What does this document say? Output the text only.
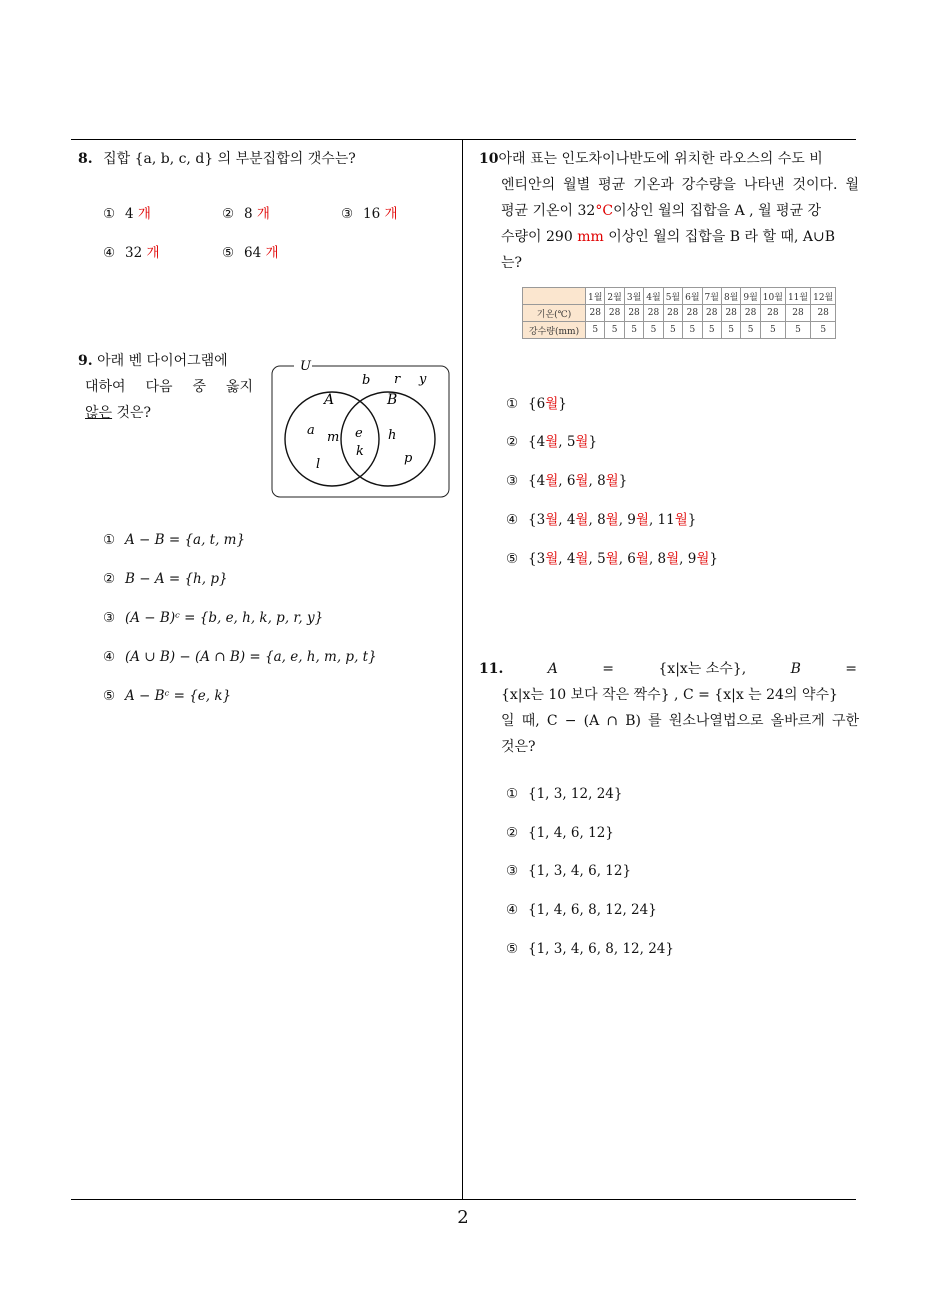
8. 집합 {a, b, c, d} 의 부분집합의 갯수는?
① 4 개	② 8 개	③ 16 개
④ 32 개	⑤ 64 개
9. 아래 벤 다이어그램에
대하여 다음 중 옳지
않은 것은?
U
A	B
b r y
a m
l
e
k
h
p
① A − B = {a, t, m}
② B − A = {h, p}
③ (A − B)ᶜ = {b, e, h, k, p, r, y}
④ (A ∪ B) − (A ∩ B) = {a, e, h, m, p, t}
⑤ A − Bᶜ = {e, k}
10아래 표는 인도차이나반도에 위치한 라오스의 수도 비
엔티안의 월별 평균 기온과 강수량을 나타낸 것이다. 월
평균 기온이 32°C이상인 월의 집합을 A , 월 평균 강
수량이 290 mm 이상인 월의 집합을 B 라 할 때, A∪B
는?
	1월	2월	3월	4월	5월	6월	7월	8월	9월	10월	11월	12월
기온(℃)	28	28	28	28	28	28	28	28	28	28	28	28
강수량(mm)	5	5	5	5	5	5	5	5	5	5	5	5
① {6월}
② {4월, 5월}
③ {4월, 6월, 8월}
④ {3월, 4월, 8월, 9월, 11월}
⑤ {3월, 4월, 5월, 6월, 8월, 9월}
11.	A	=	{x|x는 소수},	B	=
{x|x는 10 보다 작은 짝수} , C = {x|x 는 24의 약수}
일 때, C − (A ∩ B) 를 원소나열법으로 올바르게 구한
것은?
① {1, 3, 12, 24}
② {1, 4, 6, 12}
③ {1, 3, 4, 6, 12}
④ {1, 4, 6, 8, 12, 24}
⑤ {1, 3, 4, 6, 8, 12, 24}
2
